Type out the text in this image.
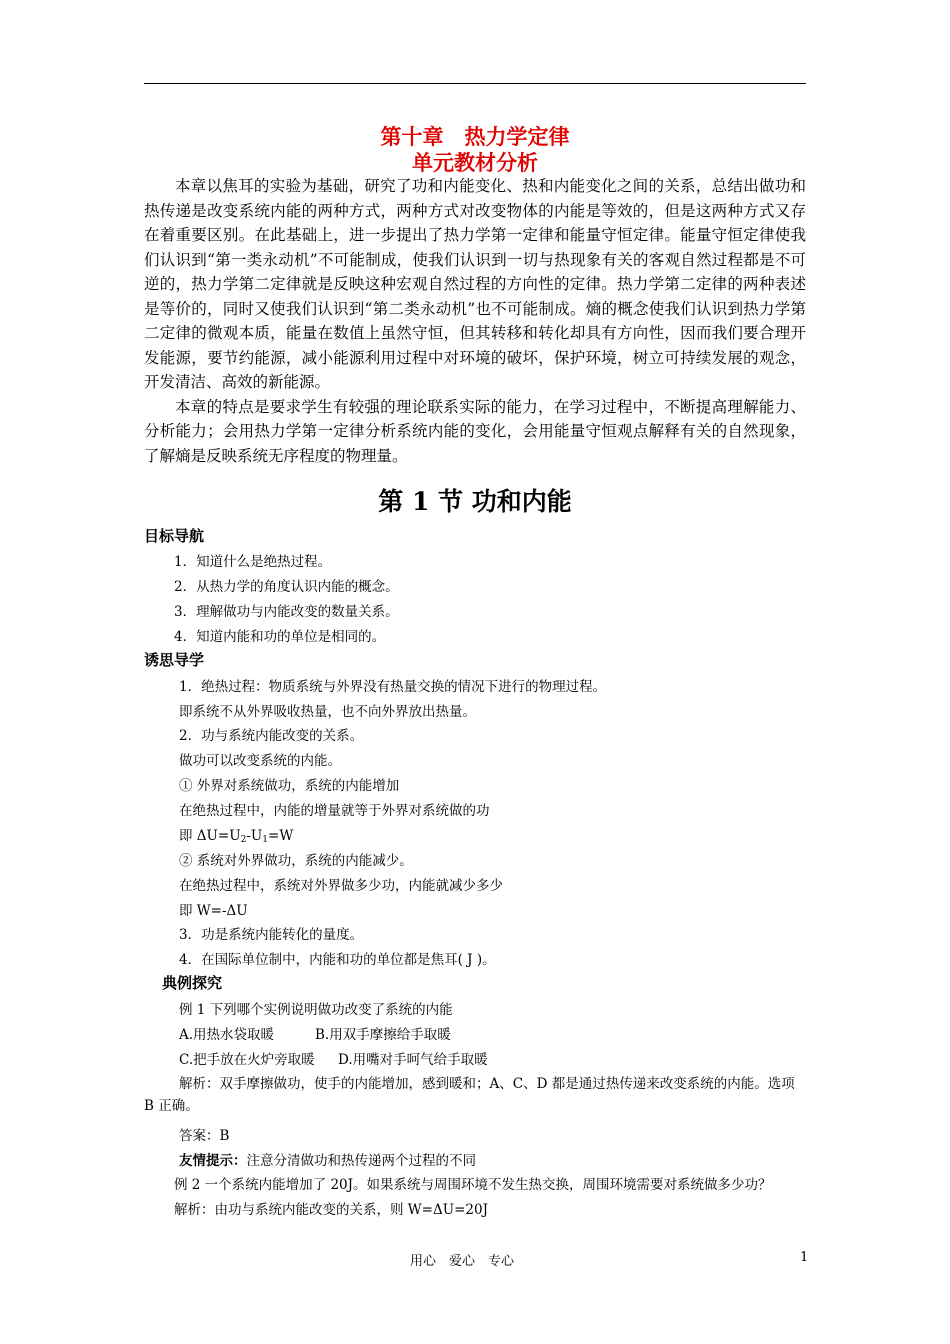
第十章　热力学定律
单元教材分析

本章以焦耳的实验为基础，研究了功和内能变化、热和内能变化之间的关系，总结出做功和热传递是改变系统内能的两种方式，两种方式对改变物体的内能是等效的，但是这两种方式又存在着重要区别。在此基础上，进一步提出了热力学第一定律和能量守恒定律。能量守恒定律使我们认识到“第一类永动机”不可能制成，使我们认识到一切与热现象有关的客观自然过程都是不可逆的，热力学第二定律就是反映这种宏观自然过程的方向性的定律。热力学第二定律的两种表述是等价的，同时又使我们认识到“第二类永动机”也不可能制成。熵的概念使我们认识到热力学第二定律的微观本质，能量在数值上虽然守恒，但其转移和转化却具有方向性，因而我们要合理开发能源，要节约能源，减小能源利用过程中对环境的破坏，保护环境，树立可持续发展的观念，开发清洁、高效的新能源。

本章的特点是要求学生有较强的理论联系实际的能力，在学习过程中，不断提高理解能力、分析能力；会用热力学第一定律分析系统内能的变化，会用能量守恒观点解释有关的自然现象，了解熵是反映系统无序程度的物理量。

第 1 节 功和内能
目标导航
1．知道什么是绝热过程。
2．从热力学的角度认识内能的概念。
3．理解做功与内能改变的数量关系。
4．知道内能和功的单位是相同的。
诱思导学
1．绝热过程：物质系统与外界没有热量交换的情况下进行的物理过程。
即系统不从外界吸收热量，也不向外界放出热量。
2．功与系统内能改变的关系。
做功可以改变系统的内能。
① 外界对系统做功，系统的内能增加
在绝热过程中，内能的增量就等于外界对系统做的功
即 $\Delta U=U_2-U_1=W$
② 系统对外界做功，系统的内能减少。
在绝热过程中，系统对外界做多少功，内能就减少多少
即 W=-ΔU
3．功是系统内能转化的量度。
4．在国际单位制中，内能和功的单位都是焦耳( J )。
典例探究
例 1 下列哪个实例说明做功改变了系统的内能
A.用热水袋取暖	B.用双手摩擦给手取暖
C.把手放在火炉旁取暖 D.用嘴对手呵气给手取暖
解析：双手摩擦做功，使手的内能增加，感到暖和；A、C、D 都是通过热传递来改变系统的内能。选项 B 正确。
答案：B
友情提示：注意分清做功和热传递两个过程的不同
例 2 一个系统内能增加了 20J。如果系统与周围环境不发生热交换，周围环境需要对系统做多少功？
解析：由功与系统内能改变的关系，则 W=ΔU=20J
用心　爱心　专心	1
